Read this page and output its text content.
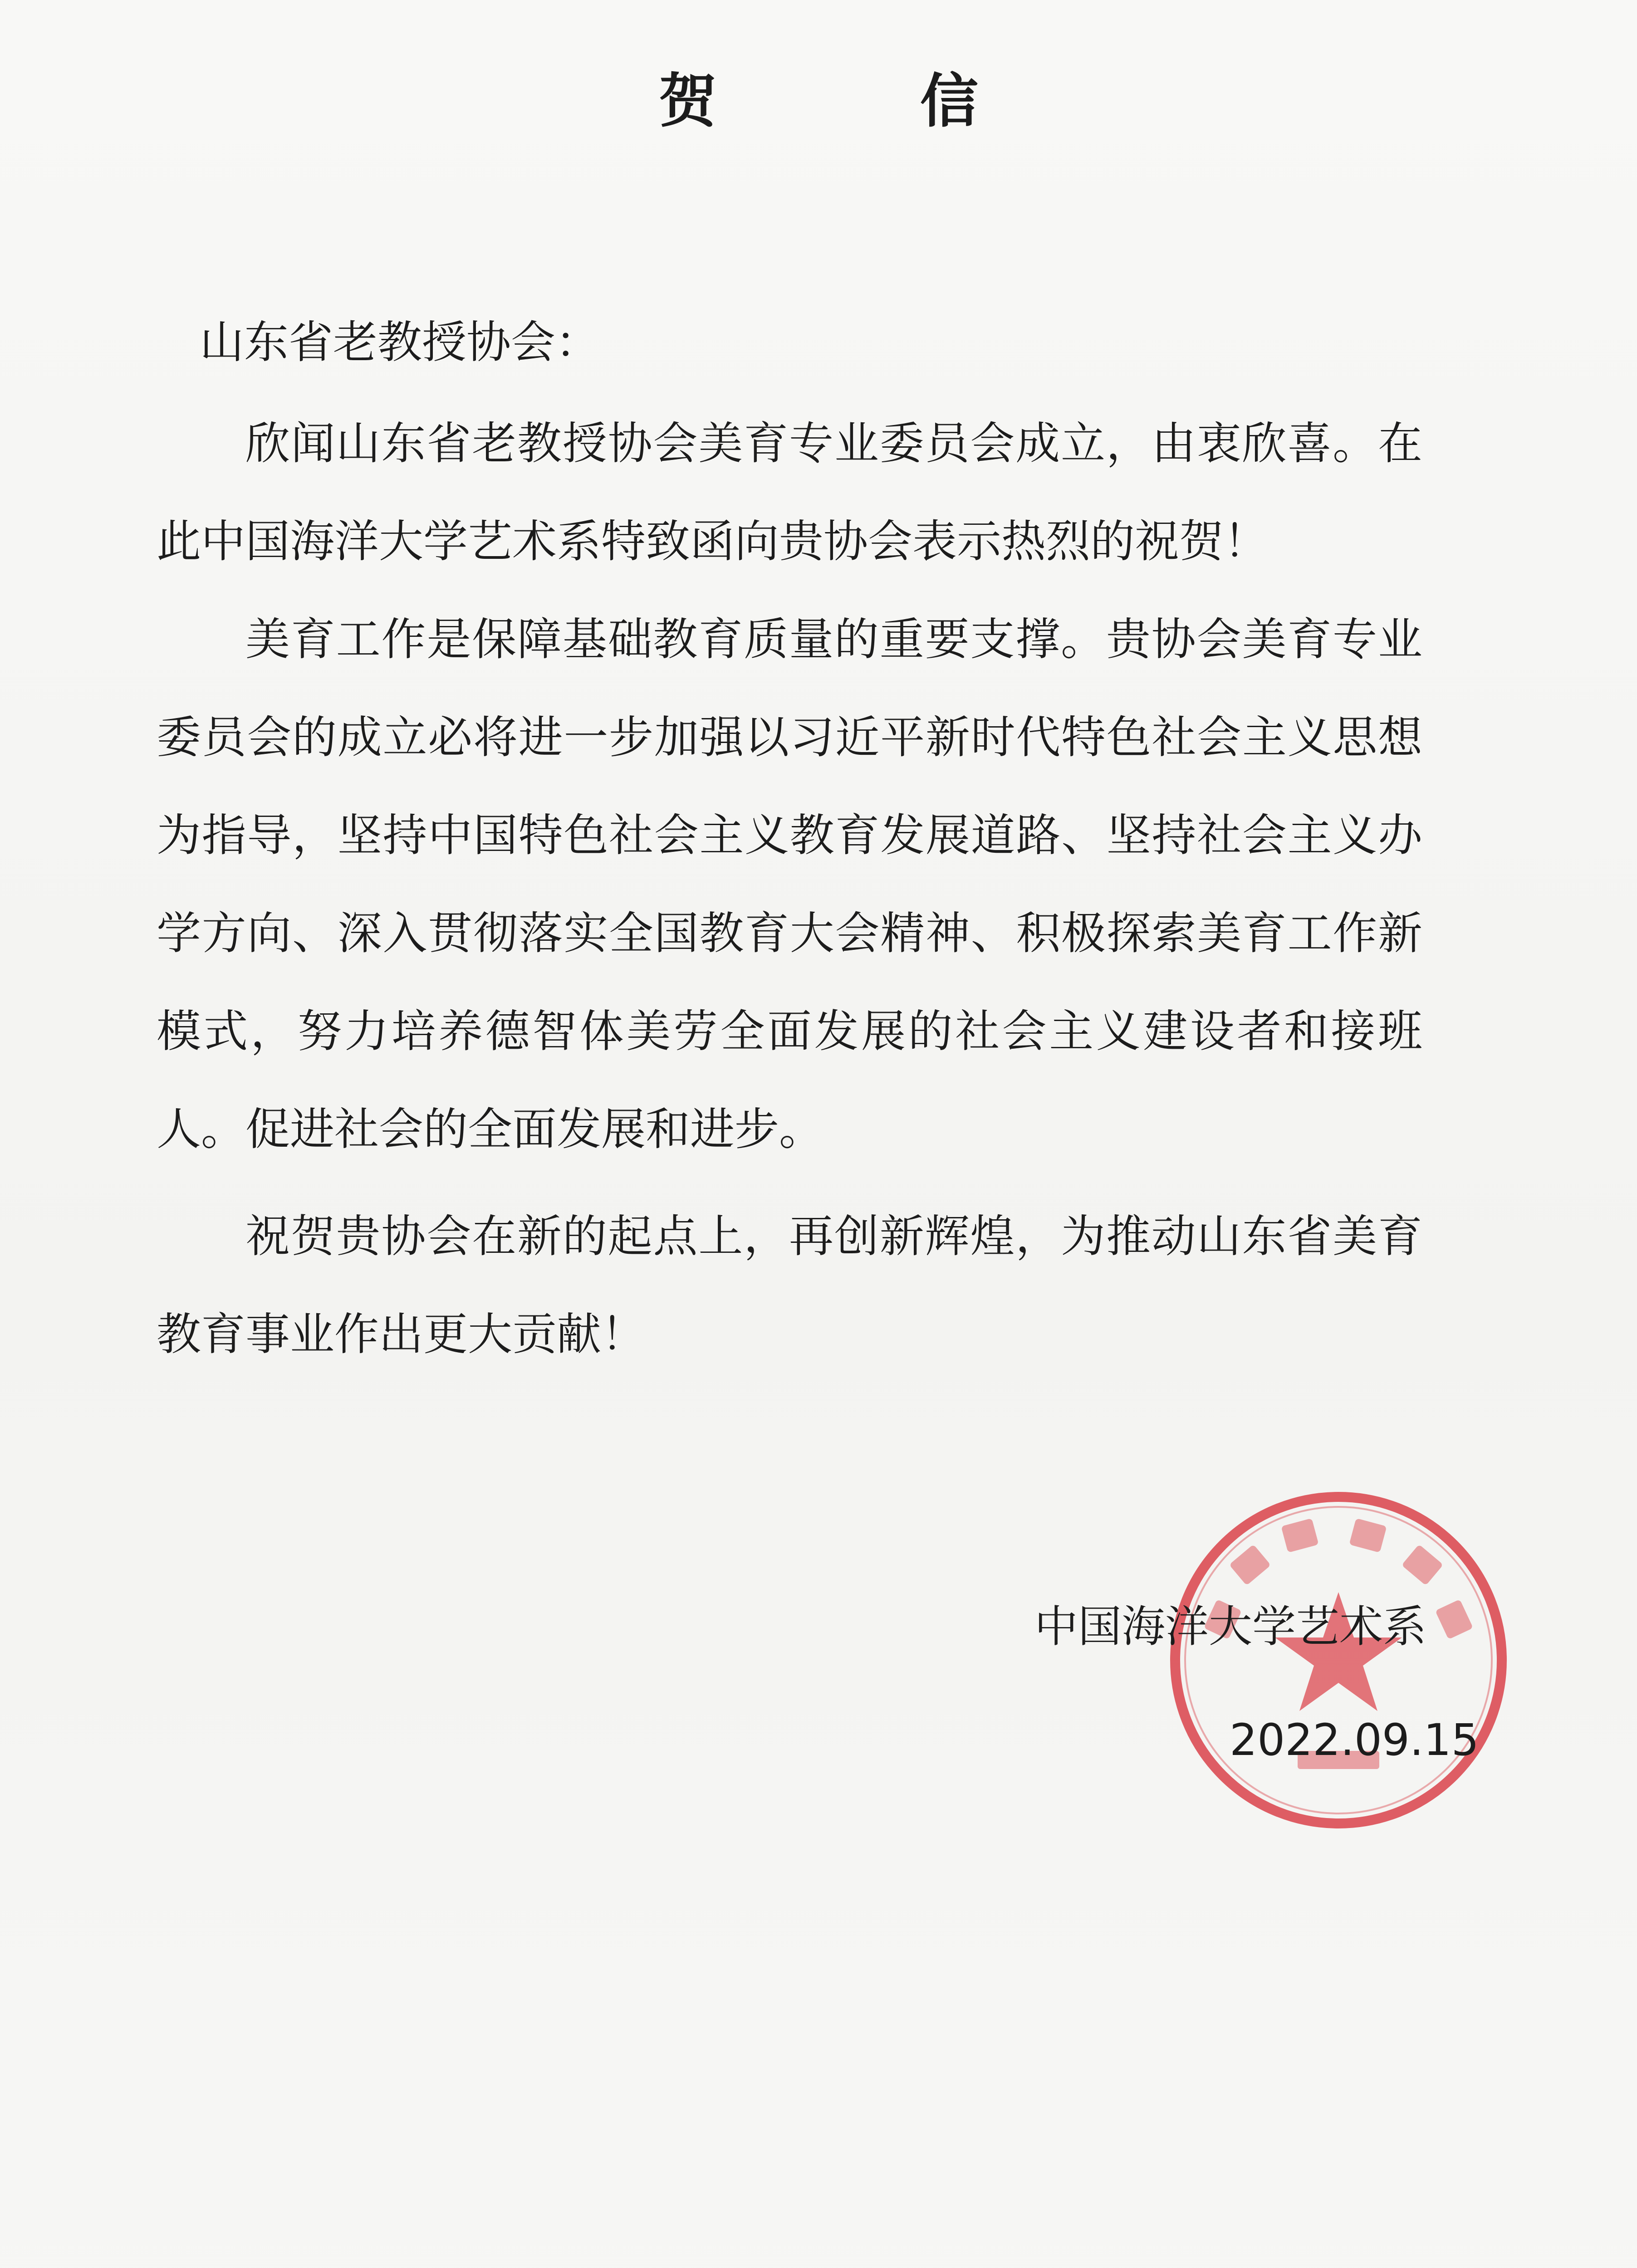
贺　信
山东省老教授协会：

欣闻山东省老教授协会美育专业委员会成立，由衷欣喜。在此中国海洋大学艺术系特致函向贵协会表示热烈的祝贺！

美育工作是保障基础教育质量的重要支撑。贵协会美育专业委员会的成立必将进一步加强以习近平新时代特色社会主义思想为指导，坚持中国特色社会主义教育发展道路、坚持社会主义办学方向、深入贯彻落实全国教育大会精神、积极探索美育工作新模式，努力培养德智体美劳全面发展的社会主义建设者和接班人。促进社会的全面发展和进步。

祝贺贵协会在新的起点上，再创新辉煌，为推动山东省美育教育事业作出更大贡献！

中国海洋大学艺术系
2022.09.15
